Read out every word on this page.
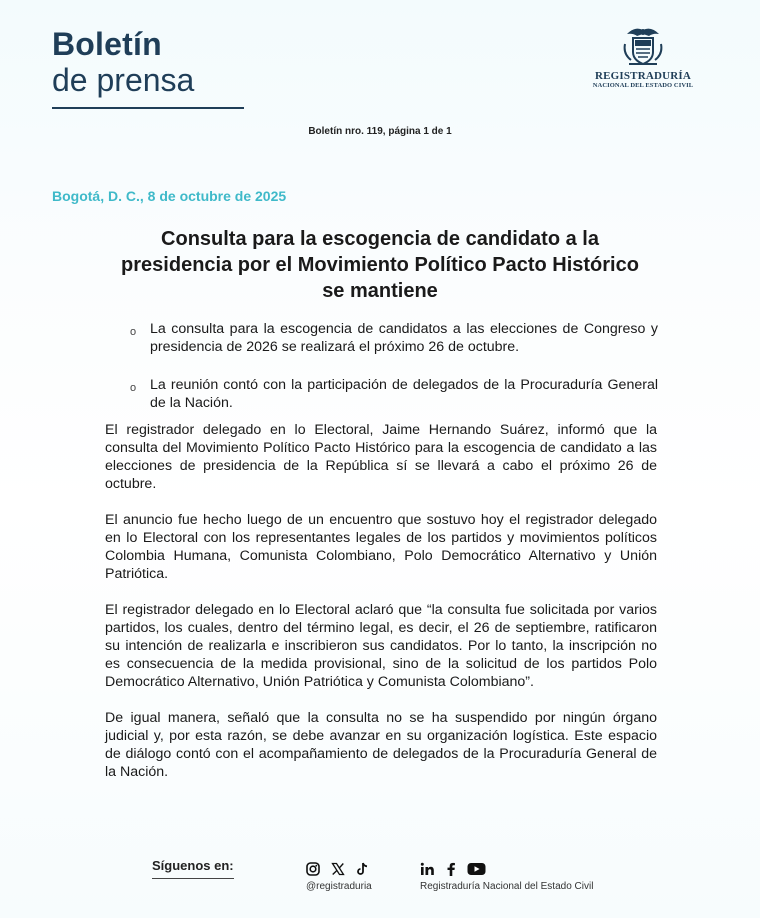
Boletín
de prensa	REGISTRADURÍA
NACIONAL DEL ESTADO CIVIL
Boletín nro. 119, página 1 de 1
Bogotá, D. C., 8 de octubre de 2025
Consulta para la escogencia de candidato a la presidencia por el Movimiento Político Pacto Histórico se mantiene
o La consulta para la escogencia de candidatos a las elecciones de Congreso y presidencia de 2026 se realizará el próximo 26 de octubre.
o La reunión contó con la participación de delegados de la Procuraduría General de la Nación.

El registrador delegado en lo Electoral, Jaime Hernando Suárez, informó que la consulta del Movimiento Político Pacto Histórico para la escogencia de candidato a las elecciones de presidencia de la República sí se llevará a cabo el próximo 26 de octubre.

El anuncio fue hecho luego de un encuentro que sostuvo hoy el registrador delegado en lo Electoral con los representantes legales de los partidos y movimientos políticos Colombia Humana, Comunista Colombiano, Polo Democrático Alternativo y Unión Patriótica.

El registrador delegado en lo Electoral aclaró que “la consulta fue solicitada por varios partidos, los cuales, dentro del término legal, es decir, el 26 de septiembre, ratificaron su intención de realizarla e inscribieron sus candidatos. Por lo tanto, la inscripción no es consecuencia de la medida provisional, sino de la solicitud de los partidos Polo Democrático Alternativo, Unión Patriótica y Comunista Colombiano”.

De igual manera, señaló que la consulta no se ha suspendido por ningún órgano judicial y, por esta razón, se debe avanzar en su organización logística. Este espacio de diálogo contó con el acompañamiento de delegados de la Procuraduría General de la Nación.

Síguenos en:
@registraduria	Registraduría Nacional del Estado Civil
